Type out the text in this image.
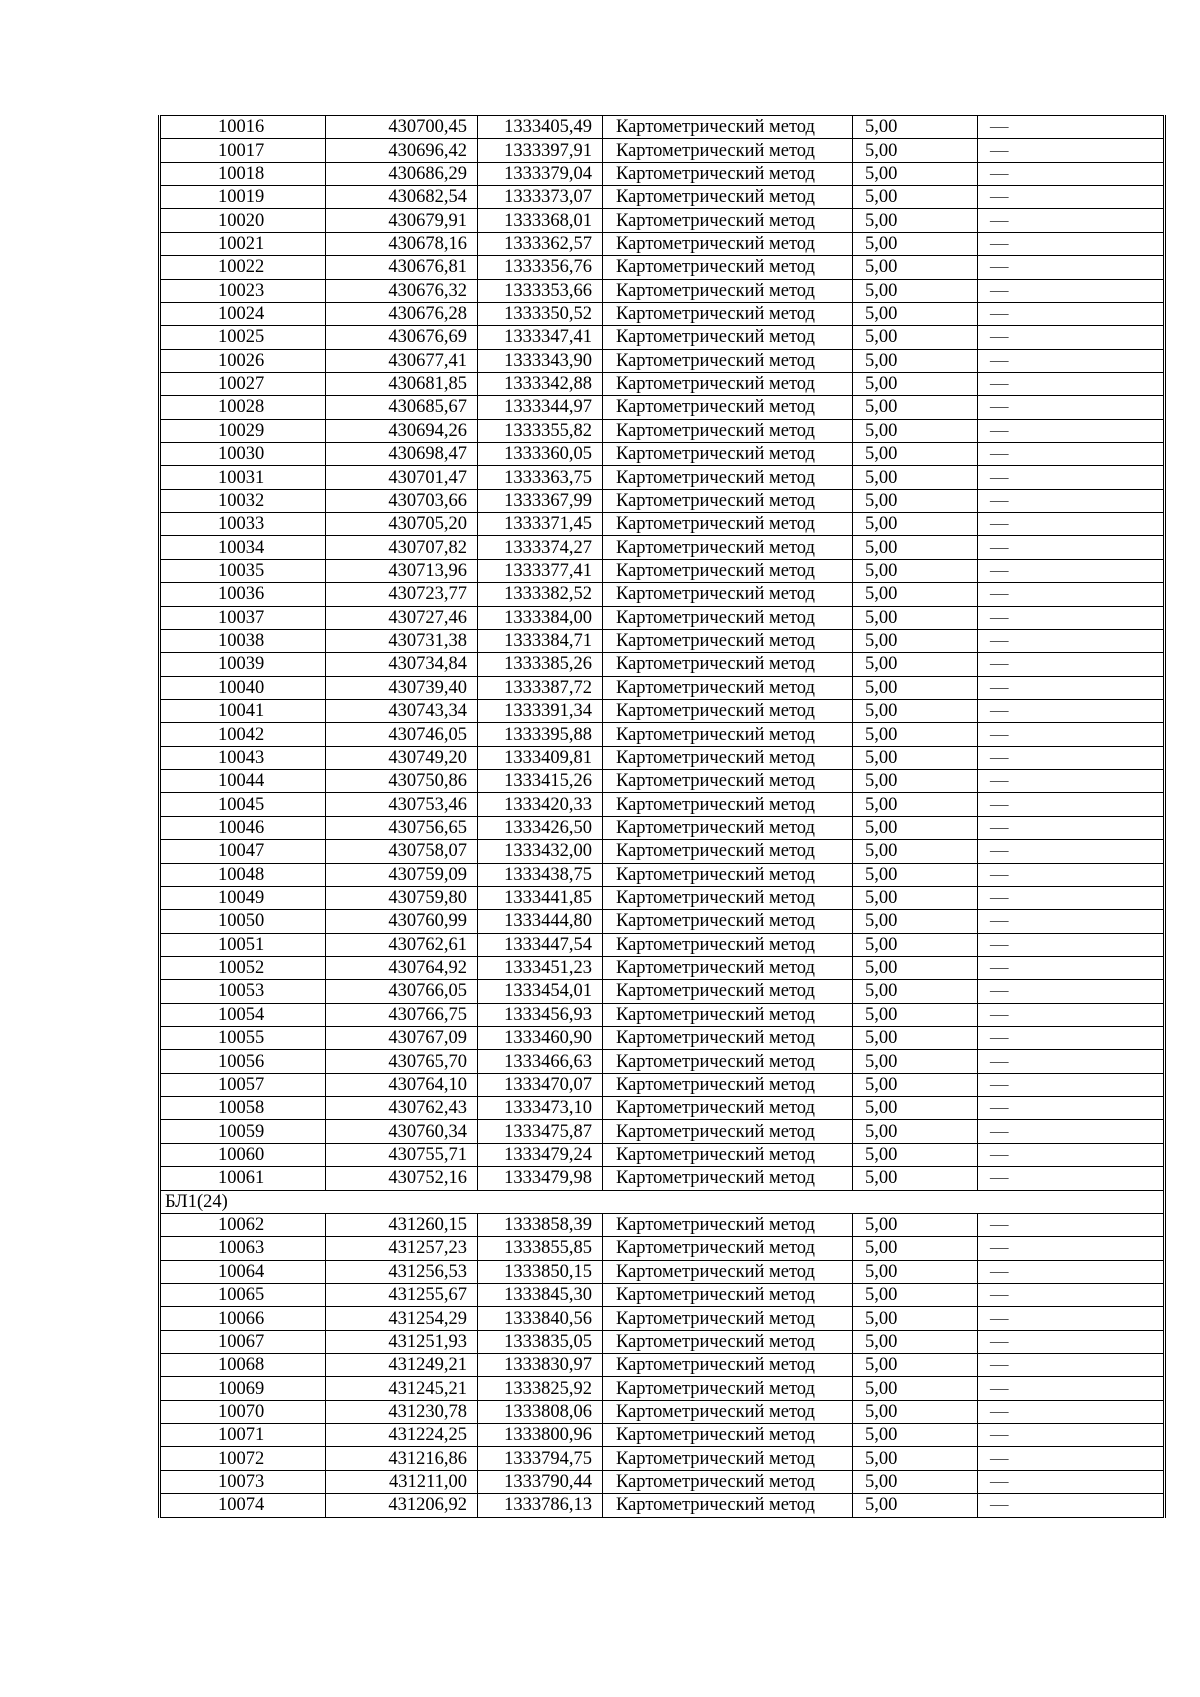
10016	430700,45	1333405,49	Картометрический метод	5,00	—
10017	430696,42	1333397,91	Картометрический метод	5,00	—
10018	430686,29	1333379,04	Картометрический метод	5,00	—
10019	430682,54	1333373,07	Картометрический метод	5,00	—
10020	430679,91	1333368,01	Картометрический метод	5,00	—
10021	430678,16	1333362,57	Картометрический метод	5,00	—
10022	430676,81	1333356,76	Картометрический метод	5,00	—
10023	430676,32	1333353,66	Картометрический метод	5,00	—
10024	430676,28	1333350,52	Картометрический метод	5,00	—
10025	430676,69	1333347,41	Картометрический метод	5,00	—
10026	430677,41	1333343,90	Картометрический метод	5,00	—
10027	430681,85	1333342,88	Картометрический метод	5,00	—
10028	430685,67	1333344,97	Картометрический метод	5,00	—
10029	430694,26	1333355,82	Картометрический метод	5,00	—
10030	430698,47	1333360,05	Картометрический метод	5,00	—
10031	430701,47	1333363,75	Картометрический метод	5,00	—
10032	430703,66	1333367,99	Картометрический метод	5,00	—
10033	430705,20	1333371,45	Картометрический метод	5,00	—
10034	430707,82	1333374,27	Картометрический метод	5,00	—
10035	430713,96	1333377,41	Картометрический метод	5,00	—
10036	430723,77	1333382,52	Картометрический метод	5,00	—
10037	430727,46	1333384,00	Картометрический метод	5,00	—
10038	430731,38	1333384,71	Картометрический метод	5,00	—
10039	430734,84	1333385,26	Картометрический метод	5,00	—
10040	430739,40	1333387,72	Картометрический метод	5,00	—
10041	430743,34	1333391,34	Картометрический метод	5,00	—
10042	430746,05	1333395,88	Картометрический метод	5,00	—
10043	430749,20	1333409,81	Картометрический метод	5,00	—
10044	430750,86	1333415,26	Картометрический метод	5,00	—
10045	430753,46	1333420,33	Картометрический метод	5,00	—
10046	430756,65	1333426,50	Картометрический метод	5,00	—
10047	430758,07	1333432,00	Картометрический метод	5,00	—
10048	430759,09	1333438,75	Картометрический метод	5,00	—
10049	430759,80	1333441,85	Картометрический метод	5,00	—
10050	430760,99	1333444,80	Картометрический метод	5,00	—
10051	430762,61	1333447,54	Картометрический метод	5,00	—
10052	430764,92	1333451,23	Картометрический метод	5,00	—
10053	430766,05	1333454,01	Картометрический метод	5,00	—
10054	430766,75	1333456,93	Картометрический метод	5,00	—
10055	430767,09	1333460,90	Картометрический метод	5,00	—
10056	430765,70	1333466,63	Картометрический метод	5,00	—
10057	430764,10	1333470,07	Картометрический метод	5,00	—
10058	430762,43	1333473,10	Картометрический метод	5,00	—
10059	430760,34	1333475,87	Картометрический метод	5,00	—
10060	430755,71	1333479,24	Картометрический метод	5,00	—
10061	430752,16	1333479,98	Картометрический метод	5,00	—
БЛ1(24)					
10062	431260,15	1333858,39	Картометрический метод	5,00	—
10063	431257,23	1333855,85	Картометрический метод	5,00	—
10064	431256,53	1333850,15	Картометрический метод	5,00	—
10065	431255,67	1333845,30	Картометрический метод	5,00	—
10066	431254,29	1333840,56	Картометрический метод	5,00	—
10067	431251,93	1333835,05	Картометрический метод	5,00	—
10068	431249,21	1333830,97	Картометрический метод	5,00	—
10069	431245,21	1333825,92	Картометрический метод	5,00	—
10070	431230,78	1333808,06	Картометрический метод	5,00	—
10071	431224,25	1333800,96	Картометрический метод	5,00	—
10072	431216,86	1333794,75	Картометрический метод	5,00	—
10073	431211,00	1333790,44	Картометрический метод	5,00	—
10074	431206,92	1333786,13	Картометрический метод	5,00	—
